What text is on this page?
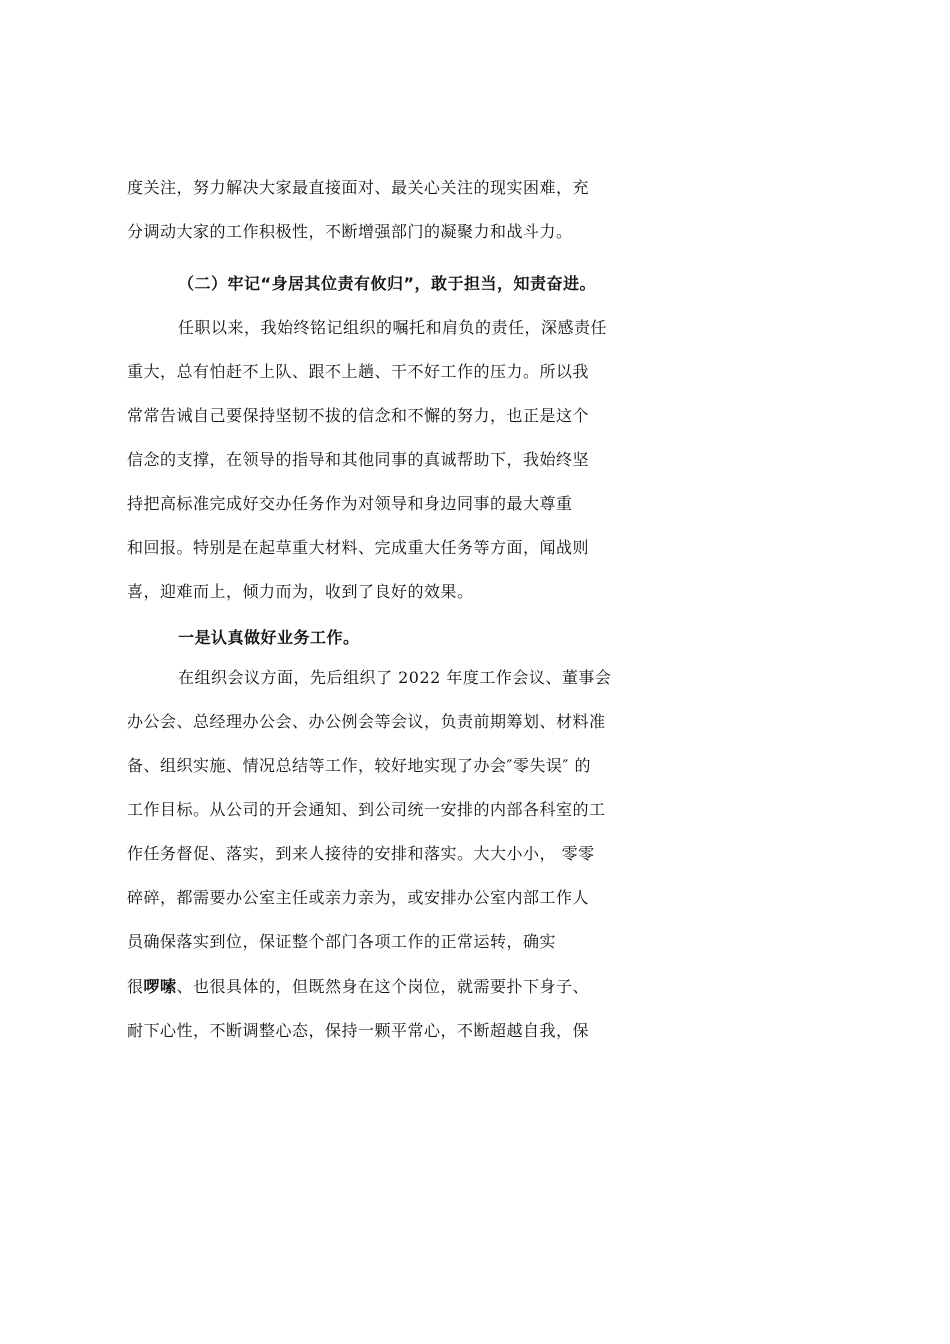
度关注，努力解决大家最直接面对、最关心关注的现实困难，充
分调动大家的工作积极性，不断增强部门的凝聚力和战斗力。
（二）牢记“身居其位责有攸归”，敢于担当，知责奋进。
任职以来，我始终铭记组织的嘱托和肩负的责任，深感责任
重大，总有怕赶不上队、跟不上趟、干不好工作的压力。所以我
常常告诫自己要保持坚韧不拔的信念和不懈的努力，也正是这个
信念的支撑，在领导的指导和其他同事的真诚帮助下，我始终坚
持把高标准完成好交办任务作为对领导和身边同事的最大尊重
和回报。特别是在起草重大材料、完成重大任务等方面，闻战则
喜，迎难而上，倾力而为，收到了良好的效果。
一是认真做好业务工作。
在组织会议方面，先后组织了 2022 年度工作会议、董事会
办公会、总经理办公会、办公例会等会议，负责前期筹划、材料准
备、组织实施、情况总结等工作，较好地实现了办会″零失误″ 的
工作目标。从公司的开会通知、到公司统一安排的内部各科室的工
作任务督促、落实，到来人接待的安排和落实。大大小小， 零零
碎碎，都需要办公室主任或亲力亲为，或安排办公室内部工作人
员确保落实到位，保证整个部门各项工作的正常运转，确实
很啰嗦、也很具体的，但既然身在这个岗位，就需要扑下身子、
耐下心性，不断调整心态，保持一颗平常心，不断超越自我，保
